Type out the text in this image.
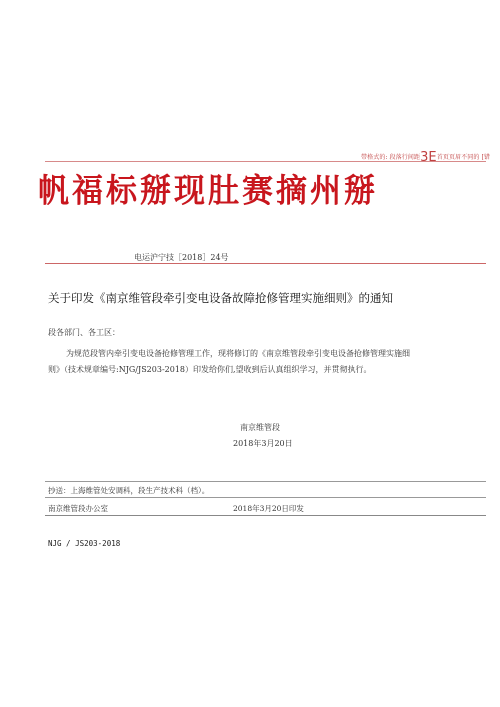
带格式的: 段落行间距3E首页页眉不同的 [错
帆福标掰现肚赛摘州掰
电运沪宁技［2018］24号
关于印发《南京维管段牵引变电设备故障抢修管理实施细则》的通知
段各部门、各工区：
为规范段管内牵引变电设备抢修管理工作，现将修订的《南京维管段牵引变电设备抢修管理实施细
则》（技术规章编号:NJG/JS203-2018）印发给你们,望收到后认真组织学习，并贯彻执行。
南京维管段
2018年3月20日
抄送：上海维管处安调科，段生产技术科（档）。
南京维管段办公室	2018年3月20日印发
NJG / JS203-2018
